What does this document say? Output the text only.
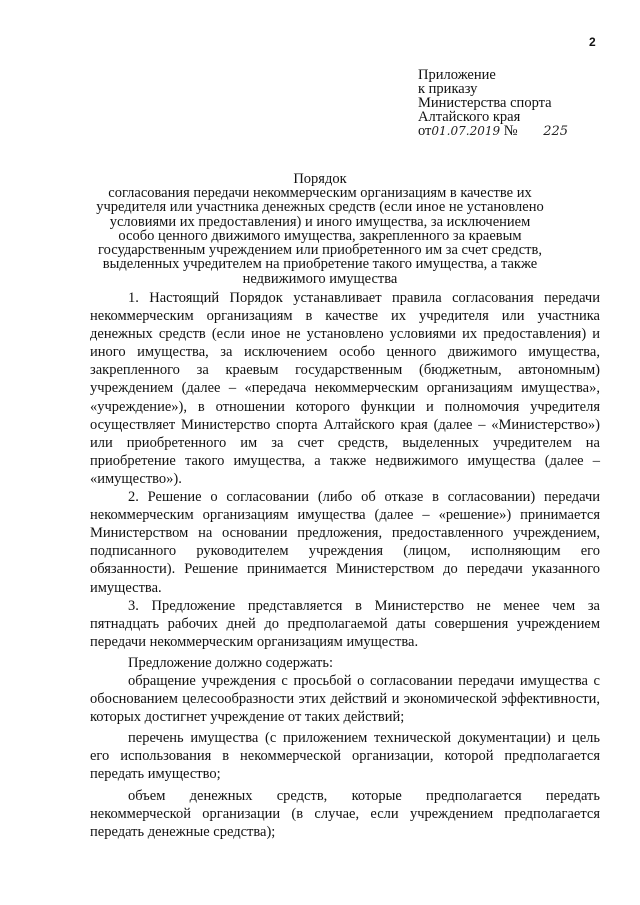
2
Приложение
к приказу
Министерства спорта
Алтайского края
от01.07.2019 № 225
Порядок
согласования передачи некоммерческим организациям в качестве их учредителя или участника денежных средств (если иное не установлено условиями их предоставления) и иного имущества, за исключением особо ценного движимого имущества, закрепленного за краевым государственным учреждением или приобретенного им за счет средств, выделенных учредителем на приобретение такого имущества, а также недвижимого имущества

1. Настоящий Порядок устанавливает правила согласования передачи некоммерческим организациям в качестве их учредителя или участника денежных средств (если иное не установлено условиями их предоставления) и иного имущества, за исключением особо ценного движимого имущества, закрепленного за краевым государственным (бюджетным, автономным) учреждением (далее – «передача некоммерческим организациям имущества», «учреждение»), в отношении которого функции и полномочия учредителя осуществляет Министерство спорта Алтайского края (далее – «Министерство») или приобретенного им за счет средств, выделенных учредителем на приобретение такого имущества, а также недвижимого имущества (далее – «имущество»).

2. Решение о согласовании (либо об отказе в согласовании) передачи некоммерческим организациям имущества (далее – «решение») принимается Министерством на основании предложения, предоставленного учреждением, подписанного руководителем учреждения (лицом, исполняющим его обязанности). Решение принимается Министерством до передачи указанного имущества.

3. Предложение представляется в Министерство не менее чем за пятнадцать рабочих дней до предполагаемой даты совершения учреждением передачи некоммерческим организациям имущества.

Предложение должно содержать:

обращение учреждения с просьбой о согласовании передачи имущества с обоснованием целесообразности этих действий и экономической эффективности, которых достигнет учреждение от таких действий;

перечень имущества (с приложением технической документации) и цель его использования в некоммерческой организации, которой предполагается передать имущество;

объем денежных средств, которые предполагается передать некоммерческой организации (в случае, если учреждением предполагается передать денежные средства);
